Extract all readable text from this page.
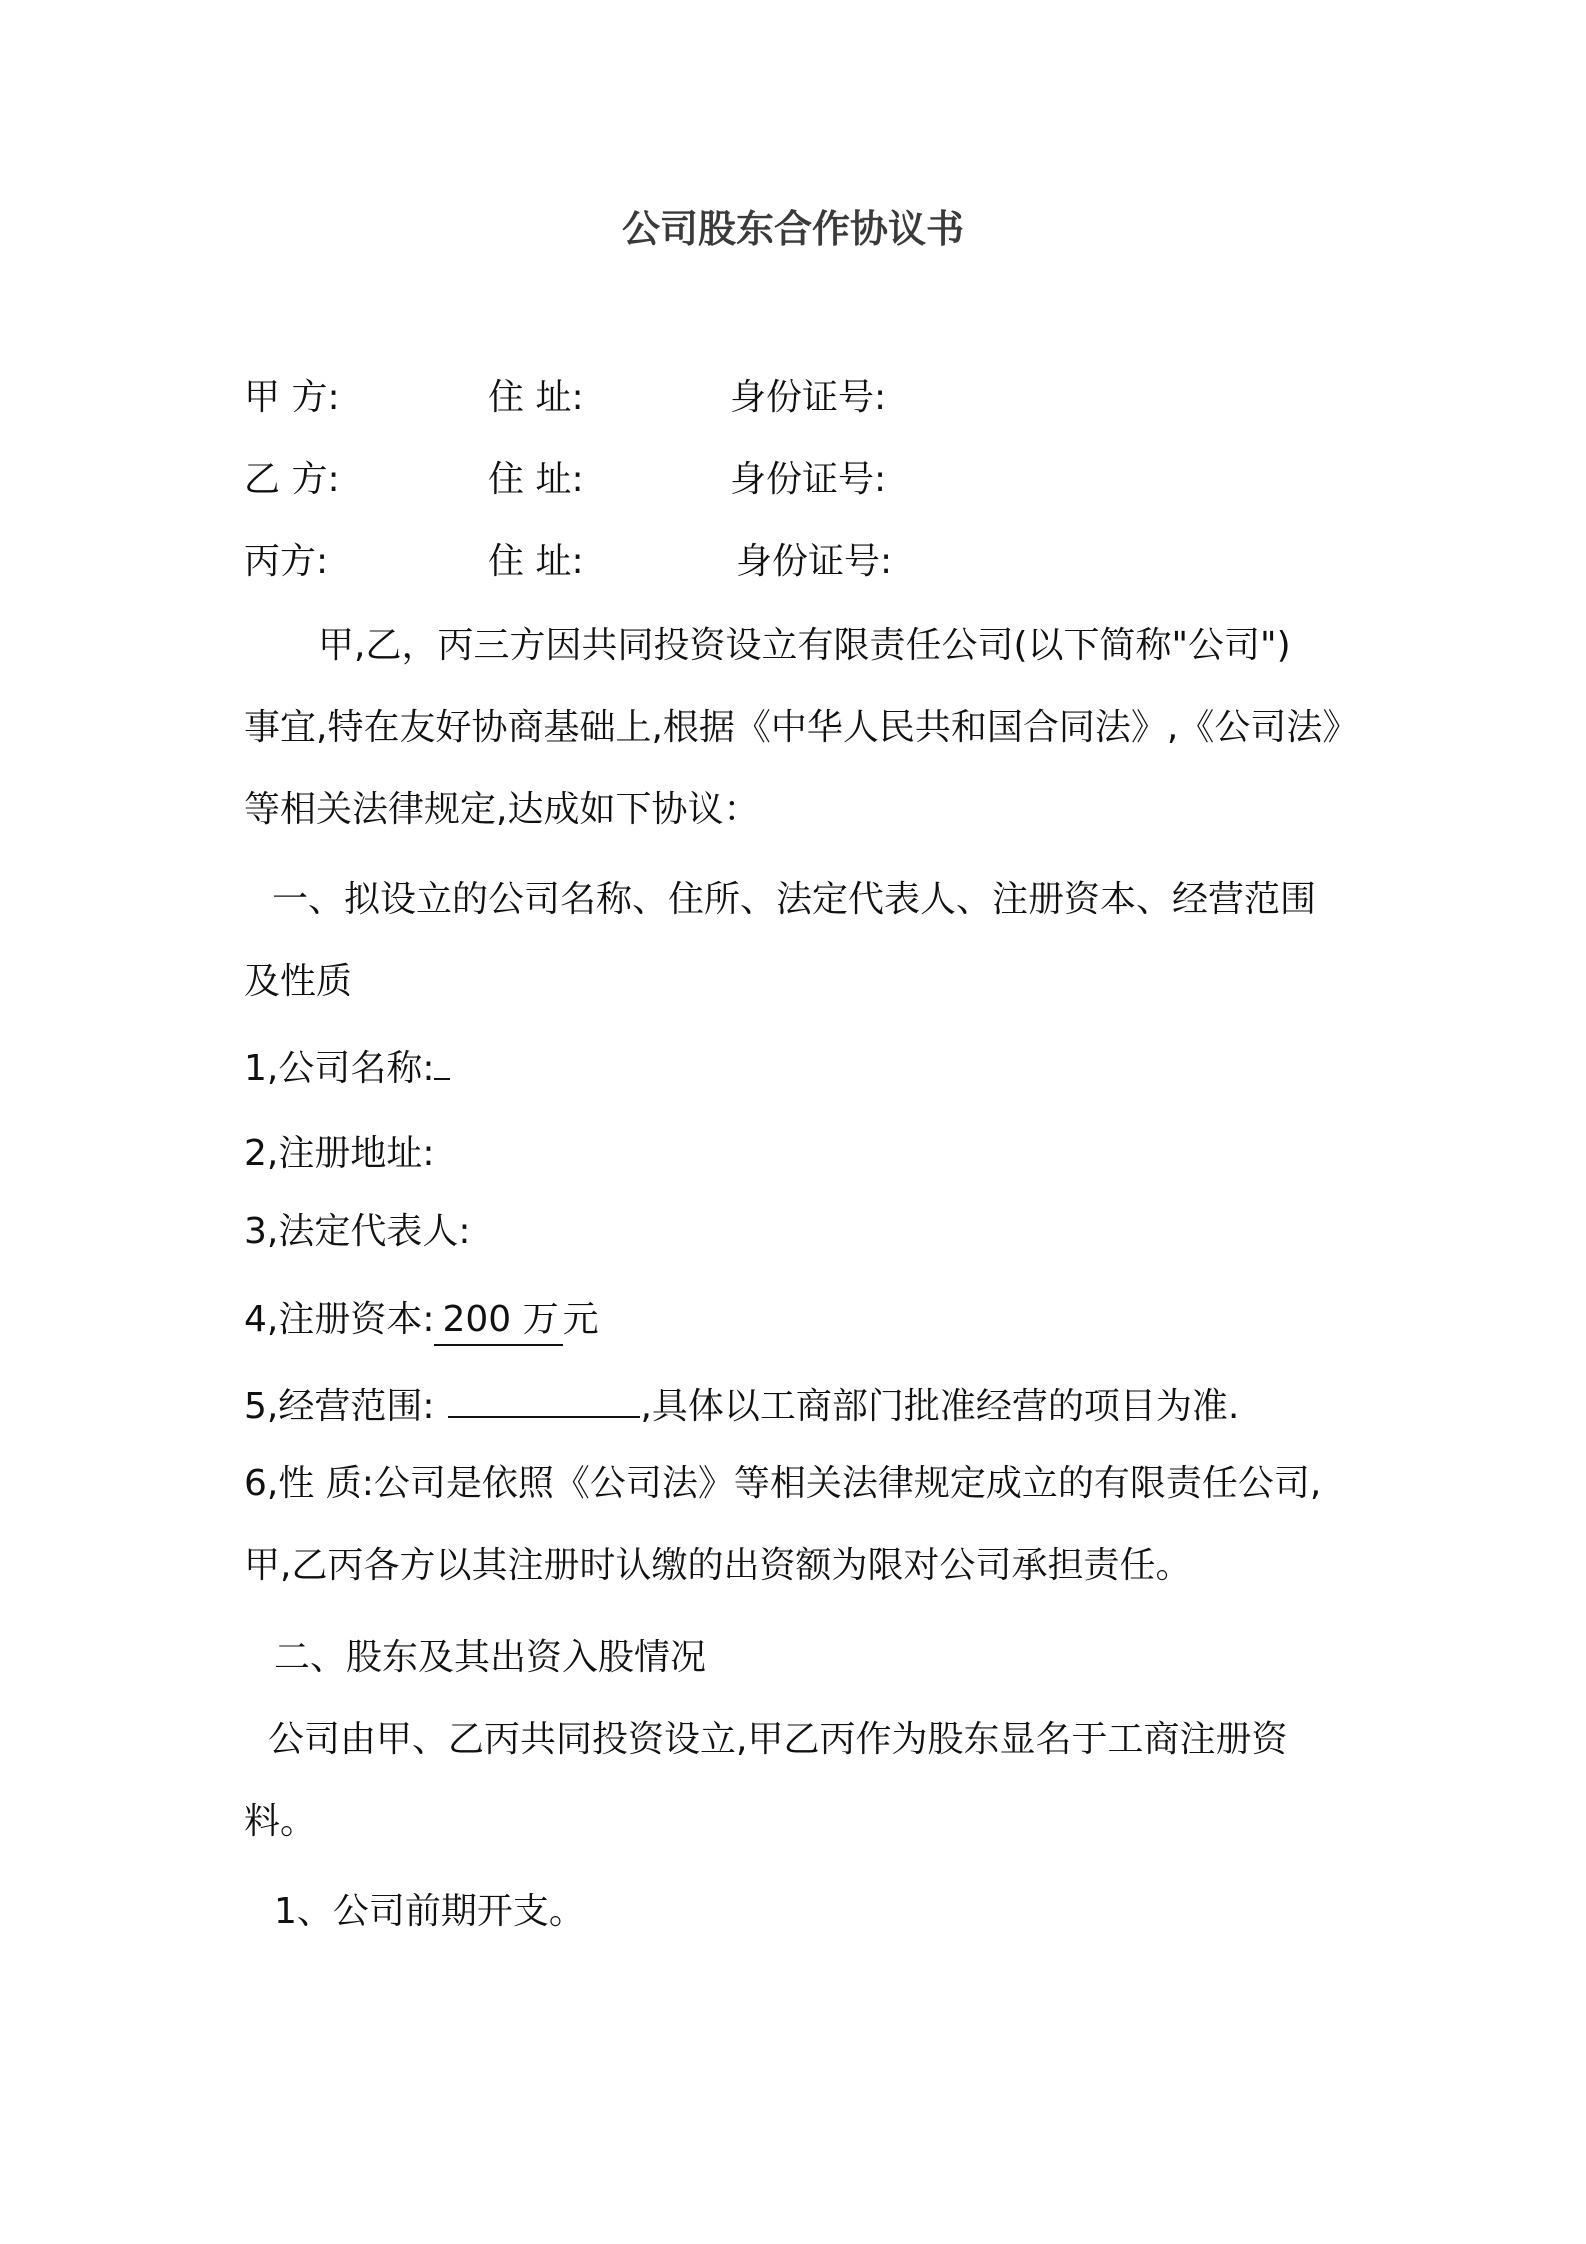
公司股东合作协议书
甲 方:	住 址:	身份证号:
乙 方:	住 址:	身份证号:
丙方:	住 址:	身份证号:
甲,乙，丙三方因共同投资设立有限责任公司(以下简称"公司")
事宜,特在友好协商基础上,根据《中华人民共和国合同法》,《公司法》
等相关法律规定,达成如下协议：
一、拟设立的公司名称、住所、法定代表人、注册资本、经营范围
及性质
1,公司名称:
2,注册地址:
3,法定代表人:
4,注册资本: 200 万 元
5,经营范围:	,具体以工商部门批准经营的项目为准.
6,性 质:公司是依照《公司法》等相关法律规定成立的有限责任公司,
甲,乙丙各方以其注册时认缴的出资额为限对公司承担责任。
二、股东及其出资入股情况
公司由甲、乙丙共同投资设立,甲乙丙作为股东显名于工商注册资
料。
1、公司前期开支。
